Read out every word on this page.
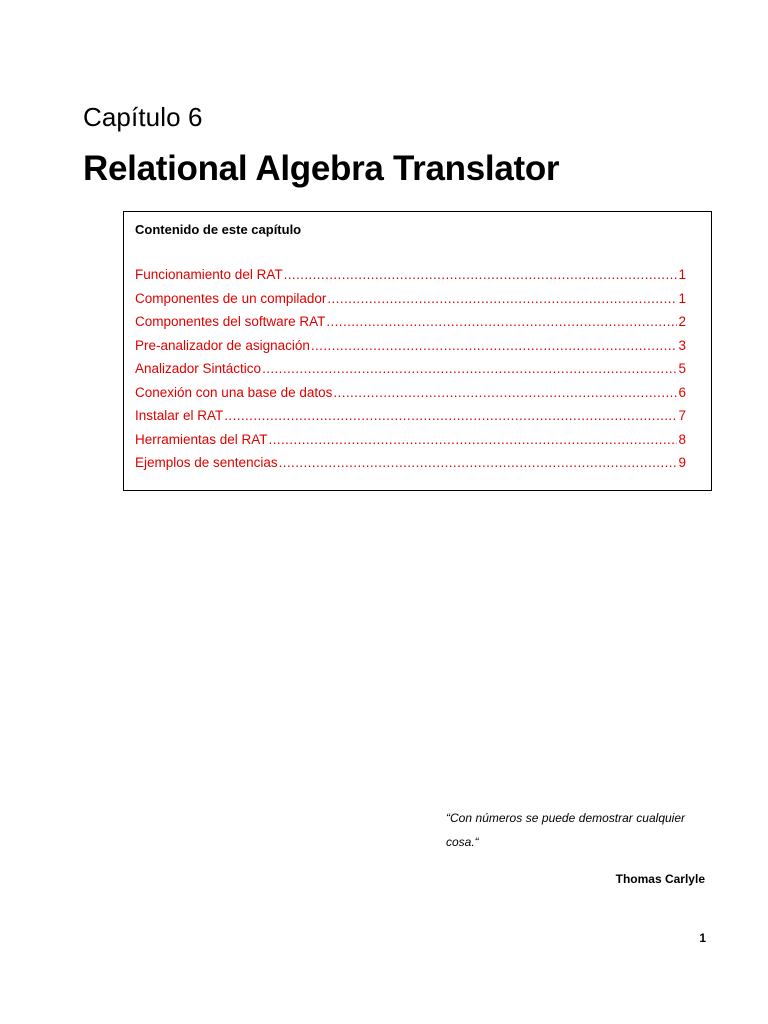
Capítulo 6
Relational Algebra Translator
Contenido de este capítulo
Funcionamiento del RAT .....	1
Componentes de un compilador .....	1
Componentes del software RAT .....	2
Pre-analizador de asignación .....	3
Analizador Sintáctico .....	5
Conexión con una base de datos .....	6
Instalar el RAT .....	7
Herramientas del RAT .....	8
Ejemplos de sentencias .....	9
“Con números se puede demostrar cualquier cosa.“
Thomas Carlyle
1
